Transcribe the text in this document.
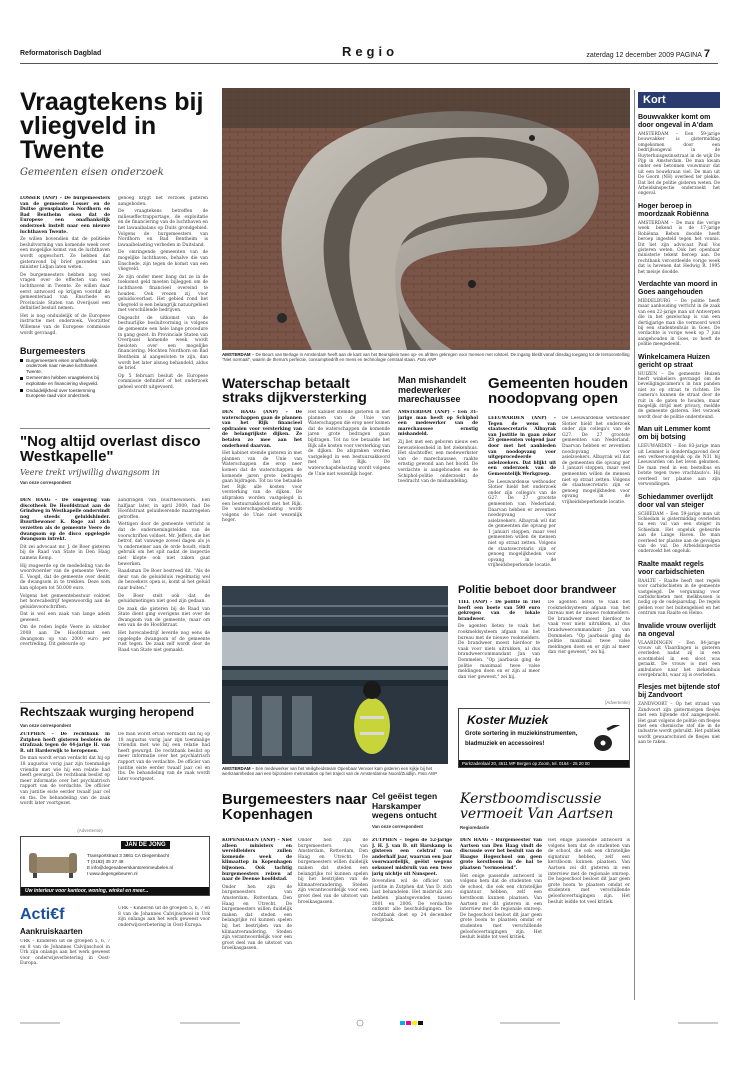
Reformatorisch Dagblad	Regio	zaterdag 12 december 2009 PAGINA 7
Vraagtekens bij vliegveld in Twente
Gemeenten eisen onderzoek

LOSSER (ANP) – De burgemeesters van de gemeente Losser en de Duitse grensplaatsen Nordhorn en Bad Bentheim eisen dat de Europese een onafhankelijk onderzoek instelt naar een nieuwe luchthaven Twente.

Ze willen bovendien dat de politieke besluitvorming van komende week over een mogelijke komst van de luchthaven wordt opgeschort. Ze hebben dat gisteravond bij brief gezonden aan minister Lidjan laten weten.

De burgemeesters hebben nog veel vragen over de effecten van een luchthaven in Twente. Ze willen daar eerst antwoord op krijgen voordat de gemeenteraad van Enschede en Provinciale Staten van Overijssel een definitief besluit nemen.

Het is nog onduidelijk of de Europese instructie met onderzoek. Voorzitter Willemse van de Europese commissie wordt gevraagd.

Burgemeesters
Burgemeesters eisen onafhankelijk onderzoek naar nieuwe luchthaven Twente.
Gemeenten hebben vraagtekens bij exploitatie en financiering vliegveld.
Onduidelijkheid over toestemming Europese raad voor onderzoek.

genoeg krijgt het verzoek gisteren aangeboden.

De vraagtekens betreffen de milieueffectrapportage, de exploitatie en de financiering van de luchthaven en het lawaaibalans op Duits grondgebied. Volgens de burgemeesters van Nordhorn en Bad Bentheim is lawaaibelasting verbeden in Duitsland.

De omringende gemeenten van de mogelijke luchthaven, behalve die van Enschede, zijn tegen de komst van een vliegveld.

Ze zijn onder meer bang dat ze in de toekomst geld moeten bijleggen om de luchthaven financieel overeind te houden. Ook vrezen zij voor geluidsoverlast. Het gebied rond het vliegveld is een belangrijk natuurgebied met verschillende bedrijven.

Ongeacht de uitkomst van de bestuurlijke besluitvorming is volgens de gemeente een hele lange procedure in gang gezet. In Provinciale Staten van Overijssel komende week wordt besloten over een mogelijke financiering. Mochten Nordhorn en Bad Bentheim al aangesloten te zijn, dan wordt het later alsnog behandeld, aldus de brief.

Op 5 februari besluit de Europese commissie definitief of het onderzoek geheel wordt uitgevoerd.

AMSTERDAM – De Beurs van Berlage in Amsterdam heeft aan de kant van het Beursplein twee op- en afritten gekregen voor mensen met rolstoel. De ingang bleldt vanaf dinsdag toegang tot de tentoonstelling "Niet normaal", waarin de thema's perfectie, consumptiedrift en mens en technologie centraal staan. Foto ANP
Kort
Bouwvakker komt om door ongeval in A'dam
AMSTERDAM – Een 59-jarige bouwvakker is gistermiddag omgekomen door een bedrijfsongeval in de Ruyterhuisgezinsstraat in de wijk De Pijp in Amsterdam. De man kwam onder een betonnen vouwmuur dat uit een bouwkraan viel. De man uit De Goorn (NH) overleed ter plekke. Dat liet de politie gisteren weten. De Arbeidsinspectie onderzoekt het ongeval.
Hoger beroep in moordzaak Robiënna
AMSTERDAM – De man die vorige week bekend is de 17-jarige Robiënna Rebon doodde heeft beroep ingesteld tegen het vonnis. Dit liet zijn advocaat Paul Vos gisteren weten. Ook het openbaar ministerie tekent beroep aan. De rechtbank veroordeelde vorige week dat is hevenen dat Hedwig R. 1995 het meisje doodde.
Verdachte van moord in Goes aangehouden
MIDDELBURG – De politie heeft maar aanhouding verricht in de zaak van een 22-jarige man uit Antwerpen die in het gezelschap is van een dertigjarige man die vermoord werd bij een studentenhuis in Goes. De verdachte is vorige week op 7 juni aangehouden in Goes, zo heeft de politie meegedeeld.
Winkelcamera Huizen gericht op straat
HUIZEN – De gemeente Huizen heeft winkeliers gevraagd om de beveiligingscamera's in hun panden niet zo op straat te richten. De camera's kunnen de straat door de ruit in de gaten te houden, maar mogelijk strijd met privacy, meldde de gemeente gisteren. Het verzoek wordt door de politie ondersteund.
Man uit Lemmer komt om bij botsing
LEEUWARDEN – Een 83-jarige man uit Lemmer is donderdagavond door een verkeersongeluk op de N31 bij Leeuwarden om het leven gekomen. De man reed in een bestelbus en botste tegen twee vrachtauto's. Hij overleed ter plaatse aan zijn verwondingen.
Schiedammer overlijdt door val van steiger
SCHIEDAM – Een 59-jarige man uit Schiedam is gistermiddag overleden na een val van een steiger in Schiedam. Het ongeluk gebeurde aan de Lange Haven. De man overleed ter plaatse aan de gevolgen van de val. De Arbeidsinspectie onderzoekt het ongeluk.
Raalte maakt regels voor carbidschieten
RAALTE – Raalte heeft met regels voor carbidschieten in de gemeente vastgelegd. De vergunning voor carbidschieten met melkbussen is nodig op de oudejaarsdag. De regels gelden voor het buitengebied en het centrum van Raalte en Heino.
Invalide vrouw overlijdt na ongeval
VLAARDINGEN – Een 84-jarige vrouw uit Vlaardingen is gisteren overleden nadat zij in een scootmobiel in een sloot was geraakt. De vrouw is met een ambulance naar het ziekenhuis overgebracht, waar zij is overleden.
Flesjes met bijtende stof bij Zandvoort
ZANDVOORT – Op het strand van Zandvoort zijn gistermorgen flesjes met een bijtende stof aangespoeld. Het gaat volgens de politie om flesjes met een chemische stof die in de industrie wordt gebruikt. Het publiek wordt gewaarschuwd de flesjes niet aan te raken.
"Nog altijd overlast disco Westkapelle"
Veere trekt vrijwillig dwangsom in
Van onze correspondent

DEN HAAG – De omgeving van discotheek De Hoofdstraat aan de Grindweg in Westkapelle ondervindt nog steeds geluidshinder. Buurtbewoner K. Roge zal zich verzetten als de gemeente Veere de dwangsom op de disco opgelegde dwangsom intrekt.

Dit zei advocaat mr. J. de Boer gisteren bij de Raad van State in Den Haag namens Kemp.

Hij reageerde op de mededeling van de woordvoerder van de gemeente Veere, E. Voogd, dat de gemeente over denkt de dwangsom in te trekken. Deze som kan oplopen tot 50.000 euro.

Volgens het gemeentebestuur voldoet het horecabedrijf tegenwoordig aan de geluidsvoorschriften.

Dat is wel een zaak van lange adem geweest.

Om de reden legde Veere in oktober 2008 aan De Hoofdstraat een dwangsom op van 2000 euro per overtreding. Dit gebeurde op

aandringen van buurtbewoners. Een halfjaar later, in april 2009, had De Hoofdstraat geluidwerende maatregelen getroffen.

Wettigen door de gemeente verricht is dat de ondernemingstelden van de voorschriften voldoet. Mr. Jeffers, die het betrof, dat vanwege zoveel dagen als je 'n ondernemer aan de orde houdt, vindt gebruik om het spit nadat de inspectie niet klopte ook niet zaken gaat bewerken.

Raadsman De Boer bestreed dit. "Als de deur van de geluidsluis regelmatig wel de bezoekers open is, komt al het geluid naar buiten."

De Boer stelt ook dat de geluidsmetingen niet goed zijn gedaan.

De zaak die gisteren bij de Raad van State dient ging overigens niet over de dwangsom van de gemeente, maar om een van de de Hoofdstraat.

Het horecabedrijf leverde nog eens de opgelegde dwangsom of de gemeente rust tegen. De zaak zelf wordt door de Raad van State niet gemaakt.

Waterschap betaalt straks dijkversterking

DEN HAAG (ANP) – De waterschappen gaan de plannen van het Rijk financieel opdraaien voor versterking van de belangrijkste dijken. Ze betalen zo mee aan het onderhoud daarvan.

Het kabinet stemde gisteren in met plannen van de Unie van Waterschappen die erop neer komen dat de waterschappen de komende jaren grote bedragen gaan bijdragen. Tot nu toe betaalde het Rijk alle kosten voor versterking van de dijken. De afspraken worden vastgelegd in een bestuursakkoord met het Rijk. De waterschapsbelasting wordt volgens de Unie niet wezenlijk hoger.

Het kabinet stemde gisteren in met plannen van de Unie van Waterschappen die erop neer komen dat de waterschappen de komende jaren grote bedragen gaan bijdragen. Tot nu toe betaalde het Rijk alle kosten voor versterking van de dijken. De afspraken worden vastgelegd in een bestuursakkoord met het Rijk. De waterschapsbelasting wordt volgens de Unie niet wezenlijk hoger.

Man mishandelt medewerker marechaussee

AMSTERDAM (ANP) – Een 31-jarige man heeft op Schiphol een medewerker van de marechaussee ernstig mishandeld.

Zij liet met een geboren nieuw een bewusteloosheid in het ziekenhuis. Het slachtoffer, een medewerkster van de marechaussee, raakte ernstig gewond aan het hoofd. De verdachte is aangehouden en de Schiphol-politie onderzoekt de toedracht van de mishandeling.

Gemeenten houden noodopvang open

LEEUWARDEN (ANP) – Tegen de wens van staatssecretaris Albayrak van Justitie in gaan zeker 23 gemeenten volgend jaar door met het aanbieden van noodopvang voor uitgeprocedeerde asielzoekers. Dat blijkt uit een onderzoek van de Gemeentelijk Werkgroep.

De Leeuwardense wethouder Slotier hield het onderzoek onder zijn collega's van de G27. De 27 grootste gemeenten van Nederland. Daarvan hebben er zeventien noodopvang voor asielzoekers. Albayrak wil dat de gemeenten die opvang per 1 januari stoppen, maar veel gemeenten willen de mensen niet op straat zetten. Volgens de staatssecretaris zijn er genoeg mogelijkheden voor opvang in de vrijheidsbeperkende locatie.

De Leeuwardense wethouder Slotier hield het onderzoek onder zijn collega's van de G27. De 27 grootste gemeenten van Nederland. Daarvan hebben er zeventien noodopvang voor asielzoekers. Albayrak wil dat de gemeenten die opvang per 1 januari stoppen, maar veel gemeenten willen de mensen niet op straat zetten. Volgens de staatssecretaris zijn er genoeg mogelijkheden voor opvang in de vrijheidsbeperkende locatie.

AMSTERDAM – Een medewerker van het Veiligheidsteam Openbaar Vervoer kam gisteren een kijkje bij het werkzaamheden aan een bijzondere metrostation op het traject van de Amsterdamse Noord/Zuidlijn. Foto ANP
Politie beboet door brandweer

TIEL (ANP) – De politie in Tiel heeft een boete van 500 euro gekregen van de lokale brandweer.

De agenten lieten te vaak het rookmeldsysteem afgaan van het bureau met de nieuwe rookmelders. De brandweer moest hierdoor te vaak voor niets uitrukken, al dus brandweercommandant Jan van Dommelen. "Op jaarbasis ging de politie maximaal twee valse meldingen doen en er zijn al meer dan vier geweest," zei hij.

De agenten lieten te vaak het rookmeldsysteem afgaan van het bureau met de nieuwe rookmelders. De brandweer moest hierdoor te vaak voor niets uitrukken, al dus brandweercommandant Jan van Dommelen. "Op jaarbasis ging de politie maximaal twee valse meldingen doen en er zijn al meer dan vier geweest," zei hij.

(Advertentie)
Koster Muziek
Grote sortering in muziekinstrumenten,
bladmuziek en accessoires!
Parkzadenlaal 20, 4611 MP Bergen op Zoom, tel. 0164 - 25 20 00
Rechtszaak wurging heropend
Van onze correspondent

ZUTPHEN – De rechtbank in Zutphen heeft gisteren besloten de strafzaak tegen de 44-jarige H. van R. uit Harderwijk te heropenen.

De man wordt ervan verdacht dat hij op 18 augustus vorig jaar zijn toenmalige vriendin met wie hij een relatie had heeft gewurgd. De rechtbank beslist op meer informatie over het psychiatrisch rapport van de verdachte. De officier van justitie eiste eerder twaalf jaar cel en tbs. De behandeling van de zaak wordt later voortgezet.

De man wordt ervan verdacht dat hij op 18 augustus vorig jaar zijn toenmalige vriendin met wie hij een relatie had heeft gewurgd. De rechtbank beslist op meer informatie over het psychiatrisch rapport van de verdachte. De officier van justitie eiste eerder twaalf jaar cel en tbs. De behandeling van de zaak wordt later voortgezet.

(Advertentie)
JAN DE JONG
Transportstraat 3 3861 CA Diegembacht
T (0182) 35 27 48
E info@degenabeerskantorenmeubelen.nl
I www.degengebeuren.nl
Uw interieur voor kantoor, woning, winkel en meer...
Acti€f
Aankruiskaarten
URK – Kinderen uit de groepen 5, 6, 7 en 8 van de Johannes Calvijnschool in Urk zijn onlangs aan het werk geweest voor onderwijsverbetering in Oost-Europa.

URK – Kinderen uit de groepen 5, 6, 7 en 8 van de Johannes Calvijnschool in Urk zijn onlangs aan het werk geweest voor onderwijsverbetering in Oost-Europa.

Burgemeesters naar Kopenhagen

KOPENHAGEN (ANP) – Niet alleen ministers en wereldleiders zullen komende week de klimaattop in Kopenhagen bijwonen. Ook tachtig burgemeesters reizen af naar de Deense hoofdstad.

Onder hen zijn de burgemeesters van Amsterdam, Rotterdam, Den Haag en Utrecht. De burgemeesters willen duidelijk maken dat steden een belangrijke rol kunnen spelen bij het bestrijden van de klimaatverandering. Steden zijn verantwoordelijk voor een groot deel van de uitstoot van broeikasgassen.

Onder hen zijn de burgemeesters van Amsterdam, Rotterdam, Den Haag en Utrecht. De burgemeesters willen duidelijk maken dat steden een belangrijke rol kunnen spelen bij het bestrijden van de klimaatverandering. Steden zijn verantwoordelijk voor een groot deel van de uitstoot van broeikasgassen.

Cel geëist tegen Harskamper wegens ontucht
Van onze correspondent

ZUTPHEN – Tegen de 52-jarige J. H. J. van D. uit Harskamp is gisteren een celstraf van anderhalf jaar, waarvan een jaar voorwaardelijk, geëist wegens seksueel misbruik van een twee jarig nichtje uit Nunspeet.

Bovendien wil de officier van justitie in Zutphen dat Van D. zich laat behandelen. Het misbruik zou hebben plaatsgevonden tussen 2001 en 2006. De verdachte ontkent alle beschuldigingen. De rechtbank doet op 24 december uitspraak.

Kerstboomdiscussie vermoeit Van Aartsen
Regioredactie

DEN HAAG – Burgemeester Van Aartsen van Den Haag vindt de discussie over het besluit van de Haagse Hogeschool om geen grote kerstboom in de hal te plaatsen "vermoeiend".

Het enige passende antwoord is volgens hem dat de studenten van de school, die ook een christelijke signatuur hebben, zelf een kerstboom kunnen plaatsen. Van Aartsen zei dit gisteren in een interview met de regionale omroep. De hogeschool besloot dit jaar geen grote boom te plaatsen omdat er studenten met verschillende geloofsovertuigingen zijn. Het besluit leidde tot veel kritiek.

Het enige passende antwoord is volgens hem dat de studenten van de school, die ook een christelijke signatuur hebben, zelf een kerstboom kunnen plaatsen. Van Aartsen zei dit gisteren in een interview met de regionale omroep. De hogeschool besloot dit jaar geen grote boom te plaatsen omdat er studenten met verschillende geloofsovertuigingen zijn. Het besluit leidde tot veel kritiek.
